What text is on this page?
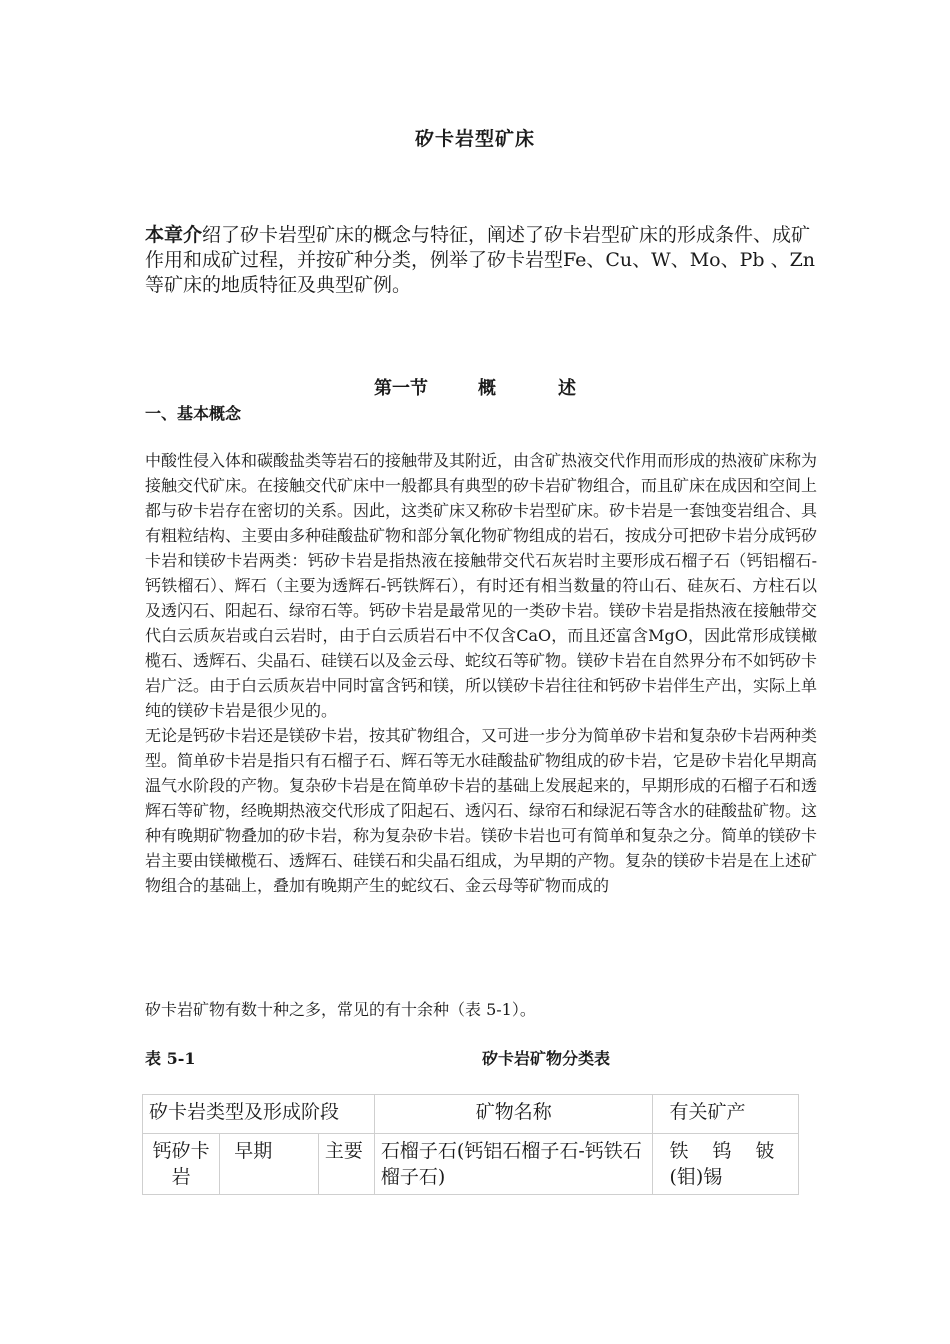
矽卡岩型矿床
本章介绍了矽卡岩型矿床的概念与特征，阐述了矽卡岩型矿床的形成条件、成矿作用和成矿过程，并按矿种分类，例举了矽卡岩型Fe、Cu、W、Mo、Pb 、Zn 等矿床的地质特征及典型矿例。
第一节	概	述
一、基本概念

中酸性侵入体和碳酸盐类等岩石的接触带及其附近，由含矿热液交代作用而形成的热液矿床称为接触交代矿床。在接触交代矿床中一般都具有典型的矽卡岩矿物组合，而且矿床在成因和空间上都与矽卡岩存在密切的关系。因此，这类矿床又称矽卡岩型矿床。矽卡岩是一套蚀变岩组合、具有粗粒结构、主要由多种硅酸盐矿物和部分氧化物矿物组成的岩石，按成分可把矽卡岩分成钙矽卡岩和镁矽卡岩两类：钙矽卡岩是指热液在接触带交代石灰岩时主要形成石榴子石（钙铝榴石-钙铁榴石）、辉石（主要为透辉石-钙铁辉石），有时还有相当数量的符山石、硅灰石、方柱石以及透闪石、阳起石、绿帘石等。钙矽卡岩是最常见的一类矽卡岩。镁矽卡岩是指热液在接触带交代白云质灰岩或白云岩时，由于白云质岩石中不仅含CaO，而且还富含MgO，因此常形成镁橄榄石、透辉石、尖晶石、硅镁石以及金云母、蛇纹石等矿物。镁矽卡岩在自然界分布不如钙矽卡岩广泛。由于白云质灰岩中同时富含钙和镁，所以镁矽卡岩往往和钙矽卡岩伴生产出，实际上单纯的镁矽卡岩是很少见的。

无论是钙矽卡岩还是镁矽卡岩，按其矿物组合，又可进一步分为简单矽卡岩和复杂矽卡岩两种类型。简单矽卡岩是指只有石榴子石、辉石等无水硅酸盐矿物组成的矽卡岩，它是矽卡岩化早期高温气水阶段的产物。复杂矽卡岩是在简单矽卡岩的基础上发展起来的，早期形成的石榴子石和透辉石等矿物，经晚期热液交代形成了阳起石、透闪石、绿帘石和绿泥石等含水的硅酸盐矿物。这种有晚期矿物叠加的矽卡岩，称为复杂矽卡岩。镁矽卡岩也可有简单和复杂之分。简单的镁矽卡岩主要由镁橄榄石、透辉石、硅镁石和尖晶石组成，为早期的产物。复杂的镁矽卡岩是在上述矿物组合的基础上，叠加有晚期产生的蛇纹石、金云母等矿物而成的

矽卡岩矿物有数十种之多，常见的有十余种（表 5-1）。
表 5-1	矽卡岩矿物分类表
矽卡岩类型及形成阶段			矿物名称	有关矿产
钙矽卡岩	早期	主要	石榴子石(钙铝石榴子石-钙铁石榴子石)	铁 钨 铍(钼)锡
